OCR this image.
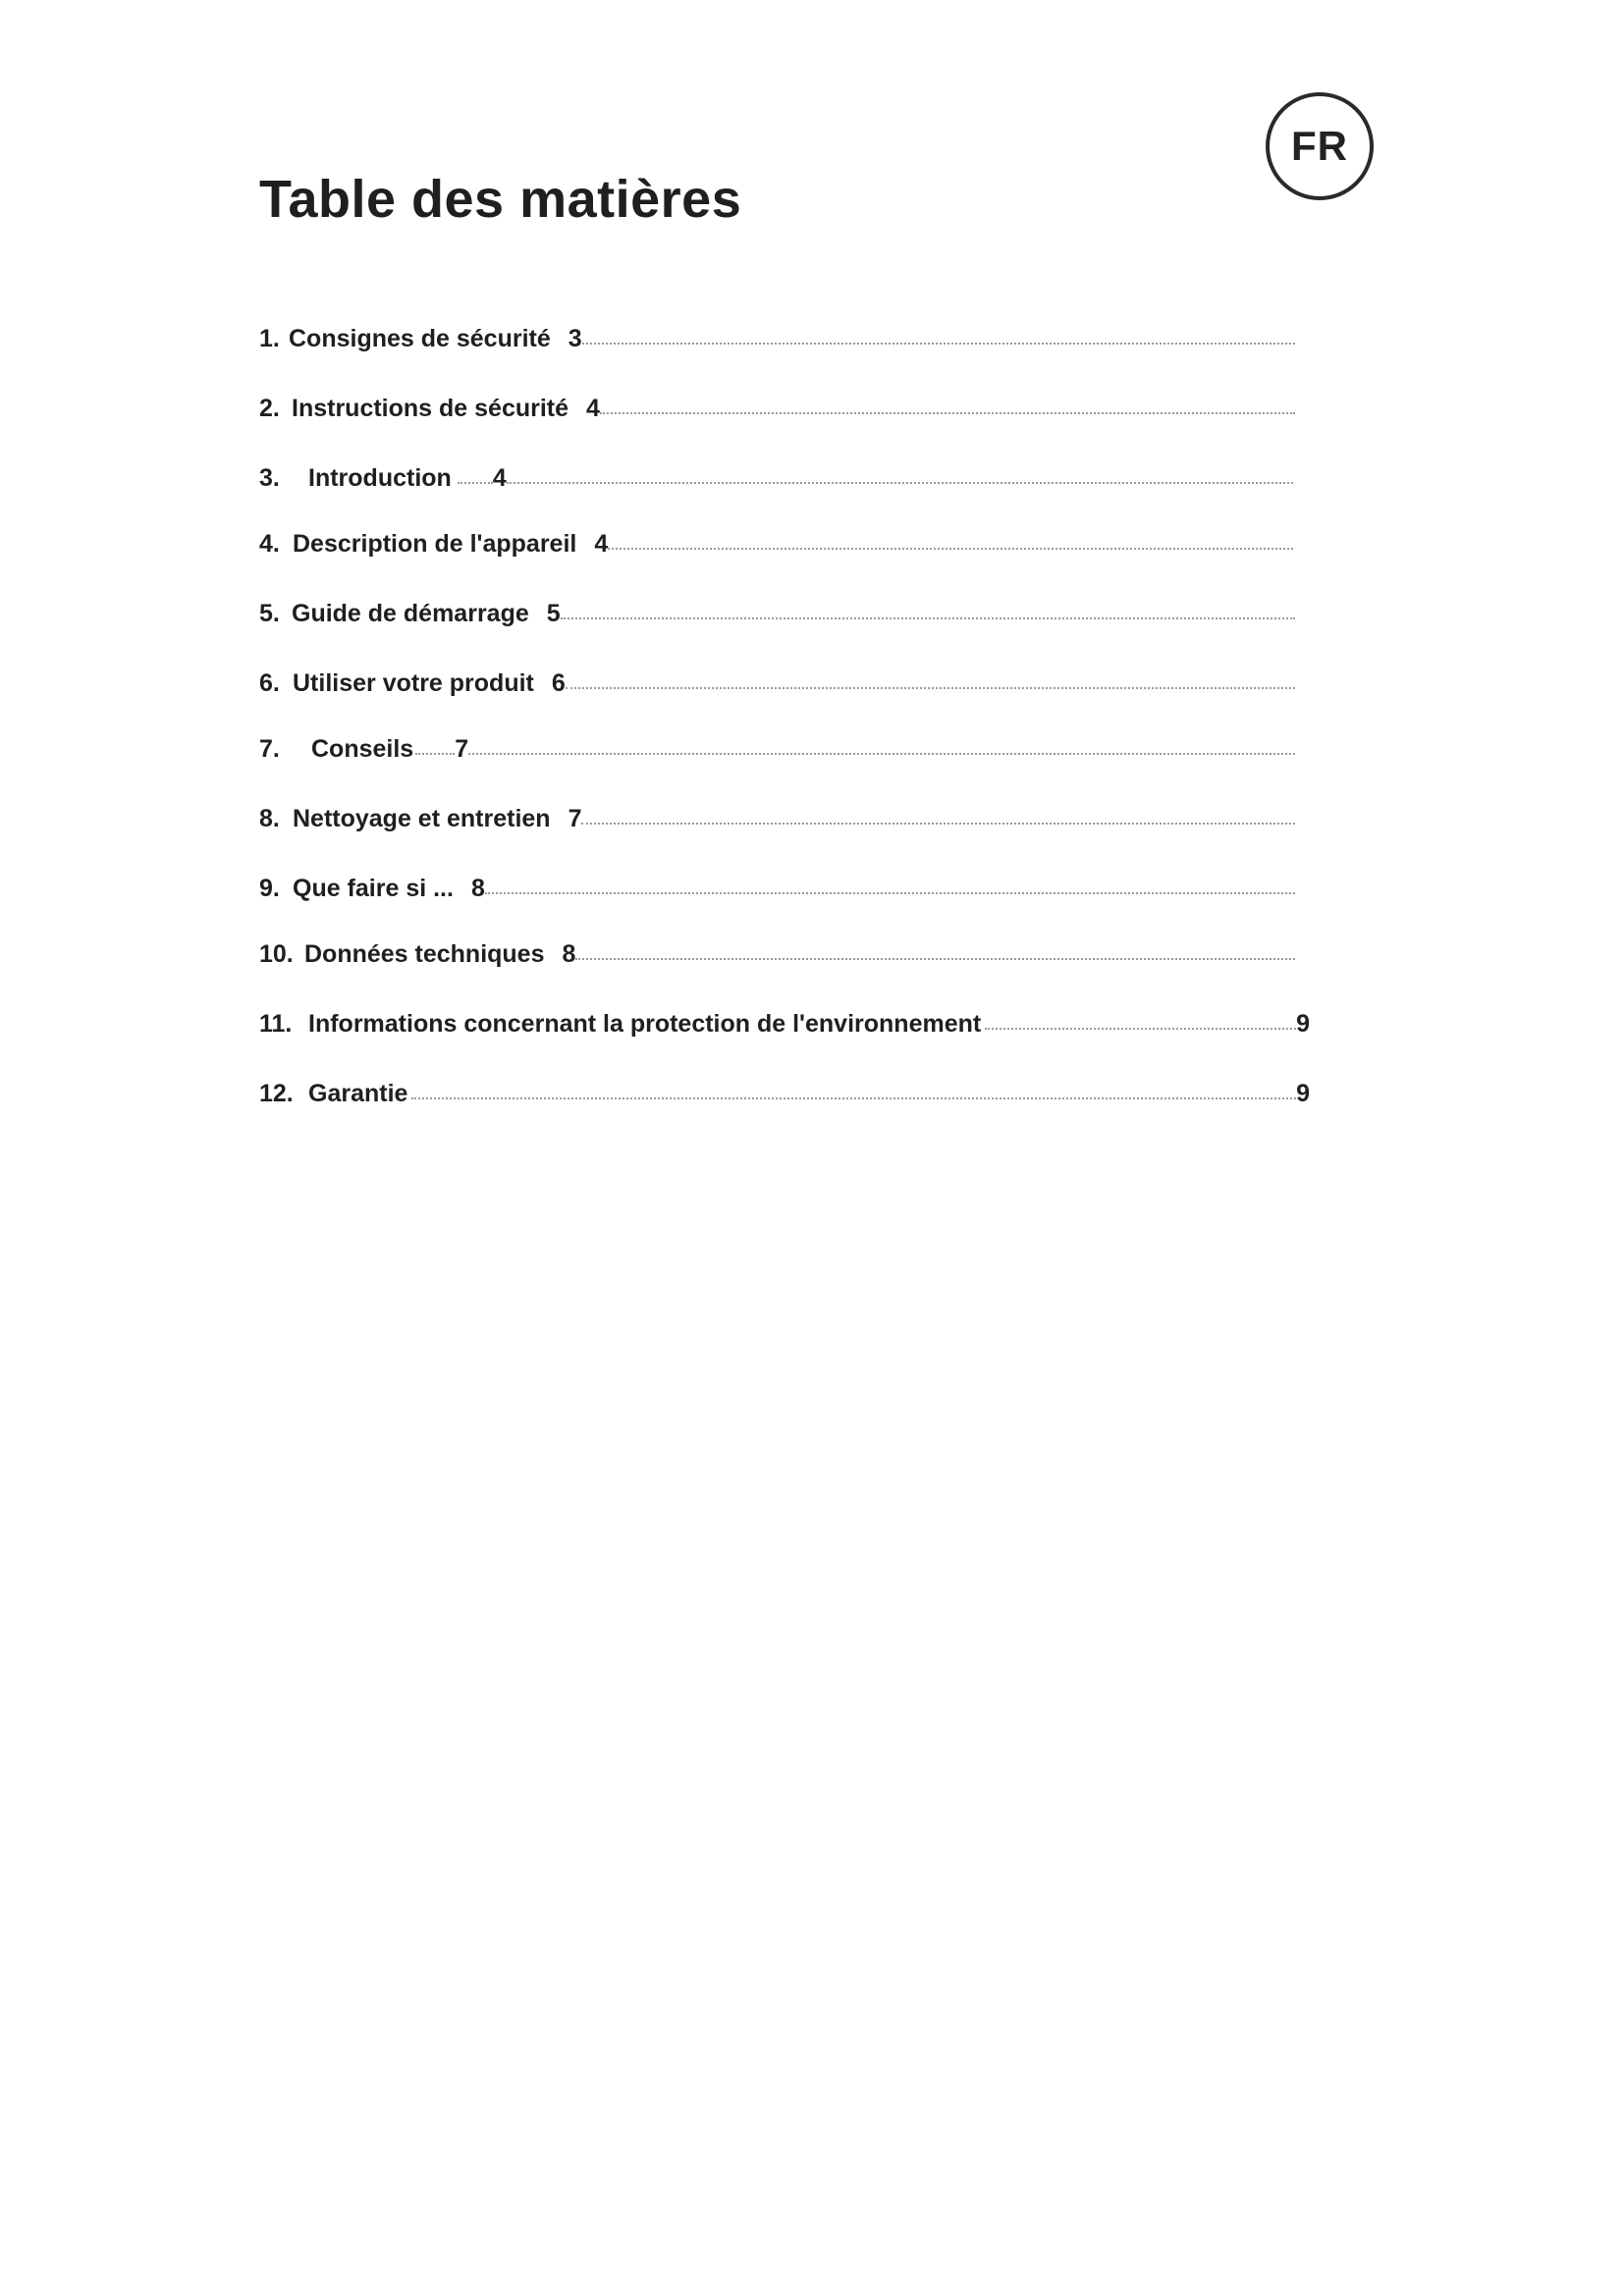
FR
Table des matières
1. Consignes de sécurité 3
2. Instructions de sécurité 4
3.	Introduction 4
4. Description de l'appareil 4
5. Guide de démarrage 5
6. Utiliser votre produit 6
7.	Conseils 7
8. Nettoyage et entretien 7
9. Que faire si ... 8
10. Données techniques 8
11. Informations concernant la protection de l'environnement	9
12. Garantie	9
